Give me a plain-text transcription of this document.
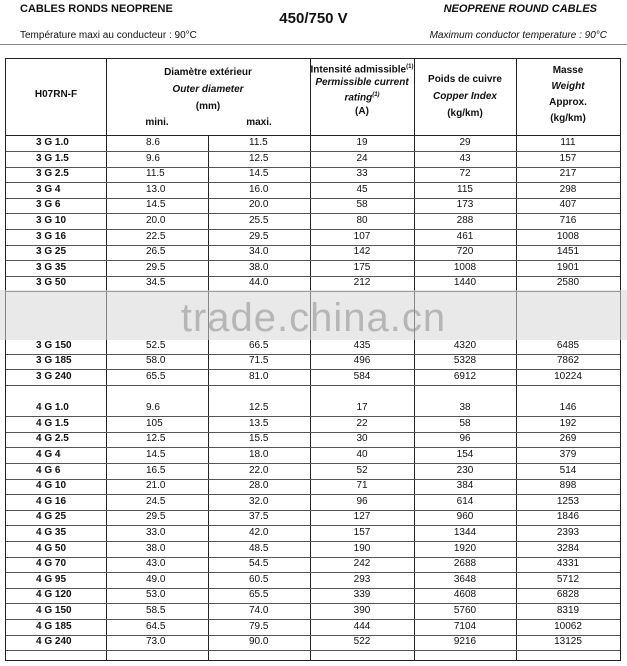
CABLES RONDS NEOPRENE
450/750 V
NEOPRENE ROUND CABLES
Température maxi au conducteur : 90°C	Maximum conductor temperature : 90°C
H07RN-F
Diamètre extérieur
Outer diameter
(mm)
mini.	maxi.
Intensité admissible$^{(1)}$
Permissible current rating$^{(1)}$
(A)
Poids de cuivre
Copper Index
(kg/km)
Masse
Weight
Approx.
(kg/km)
3 G 1.0	8.6	11.5	19	29	111
3 G 1.5	9.6	12.5	24	43	157
3 G 2.5	11.5	14.5	33	72	217
3 G 4	13.0	16.0	45	115	298
3 G 6	14.5	20.0	58	173	407
3 G 10	20.0	25.5	80	288	716
3 G 16	22.5	29.5	107	461	1008
3 G 25	26.5	34.0	142	720	1451
3 G 35	29.5	38.0	175	1008	1901
3 G 50	34.5	44.0	212	1440	2580
3 G 150	52.5	66.5	435	4320	6485
3 G 185	58.0	71.5	496	5328	7862
3 G 240	65.5	81.0	584	6912	10224
4 G 1.0	9.6	12.5	17	38	146
4 G 1.5	105	13.5	22	58	192
4 G 2.5	12.5	15.5	30	96	269
4 G 4	14.5	18.0	40	154	379
4 G 6	16.5	22.0	52	230	514
4 G 10	21.0	28.0	71	384	898
4 G 16	24.5	32.0	96	614	1253
4 G 25	29.5	37.5	127	960	1846
4 G 35	33.0	42.0	157	1344	2393
4 G 50	38.0	48.5	190	1920	3284
4 G 70	43.0	54.5	242	2688	4331
4 G 95	49.0	60.5	293	3648	5712
4 G 120	53.0	65.5	339	4608	6828
4 G 150	58.5	74.0	390	5760	8319
4 G 185	64.5	79.5	444	7104	10062
4 G 240	73.0	90.0	522	9216	13125
trade.china.cn
